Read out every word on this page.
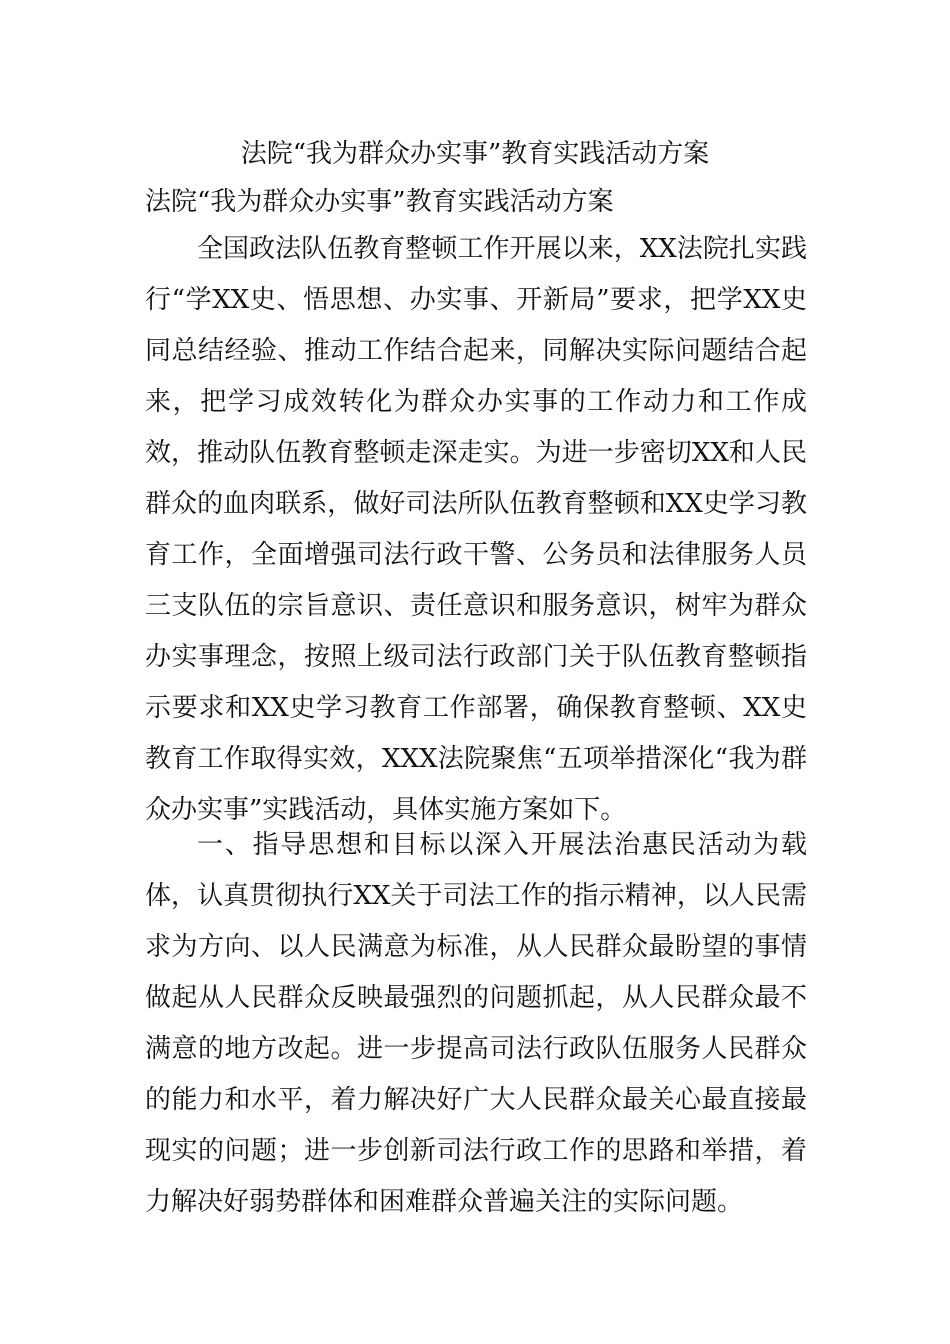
法院“我为群众办实事”教育实践活动方案
法院“我为群众办实事”教育实践活动方案

全国政法队伍教育整顿工作开展以来，XX法院扎实践行“学XX史、悟思想、办实事、开新局”要求，把学XX史同总结经验、推动工作结合起来，同解决实际问题结合起来，把学习成效转化为群众办实事的工作动力和工作成效，推动队伍教育整顿走深走实。为进一步密切XX和人民群众的血肉联系，做好司法所队伍教育整顿和XX史学习教育工作，全面增强司法行政干警、公务员和法律服务人员三支队伍的宗旨意识、责任意识和服务意识，树牢为群众办实事理念，按照上级司法行政部门关于队伍教育整顿指示要求和XX史学习教育工作部署，确保教育整顿、XX史教育工作取得实效，XXX法院聚焦“五项举措深化“我为群众办实事”实践活动，具体实施方案如下。

一、指导思想和目标以深入开展法治惠民活动为载体，认真贯彻执行XX关于司法工作的指示精神，以人民需求为方向、以人民满意为标准，从人民群众最盼望的事情做起从人民群众反映最强烈的问题抓起，从人民群众最不满意的地方改起。进一步提高司法行政队伍服务人民群众的能力和水平，着力解决好广大人民群众最关心最直接最现实的问题；进一步创新司法行政工作的思路和举措，着力解决好弱势群体和困难群众普遍关注的实际问题。
